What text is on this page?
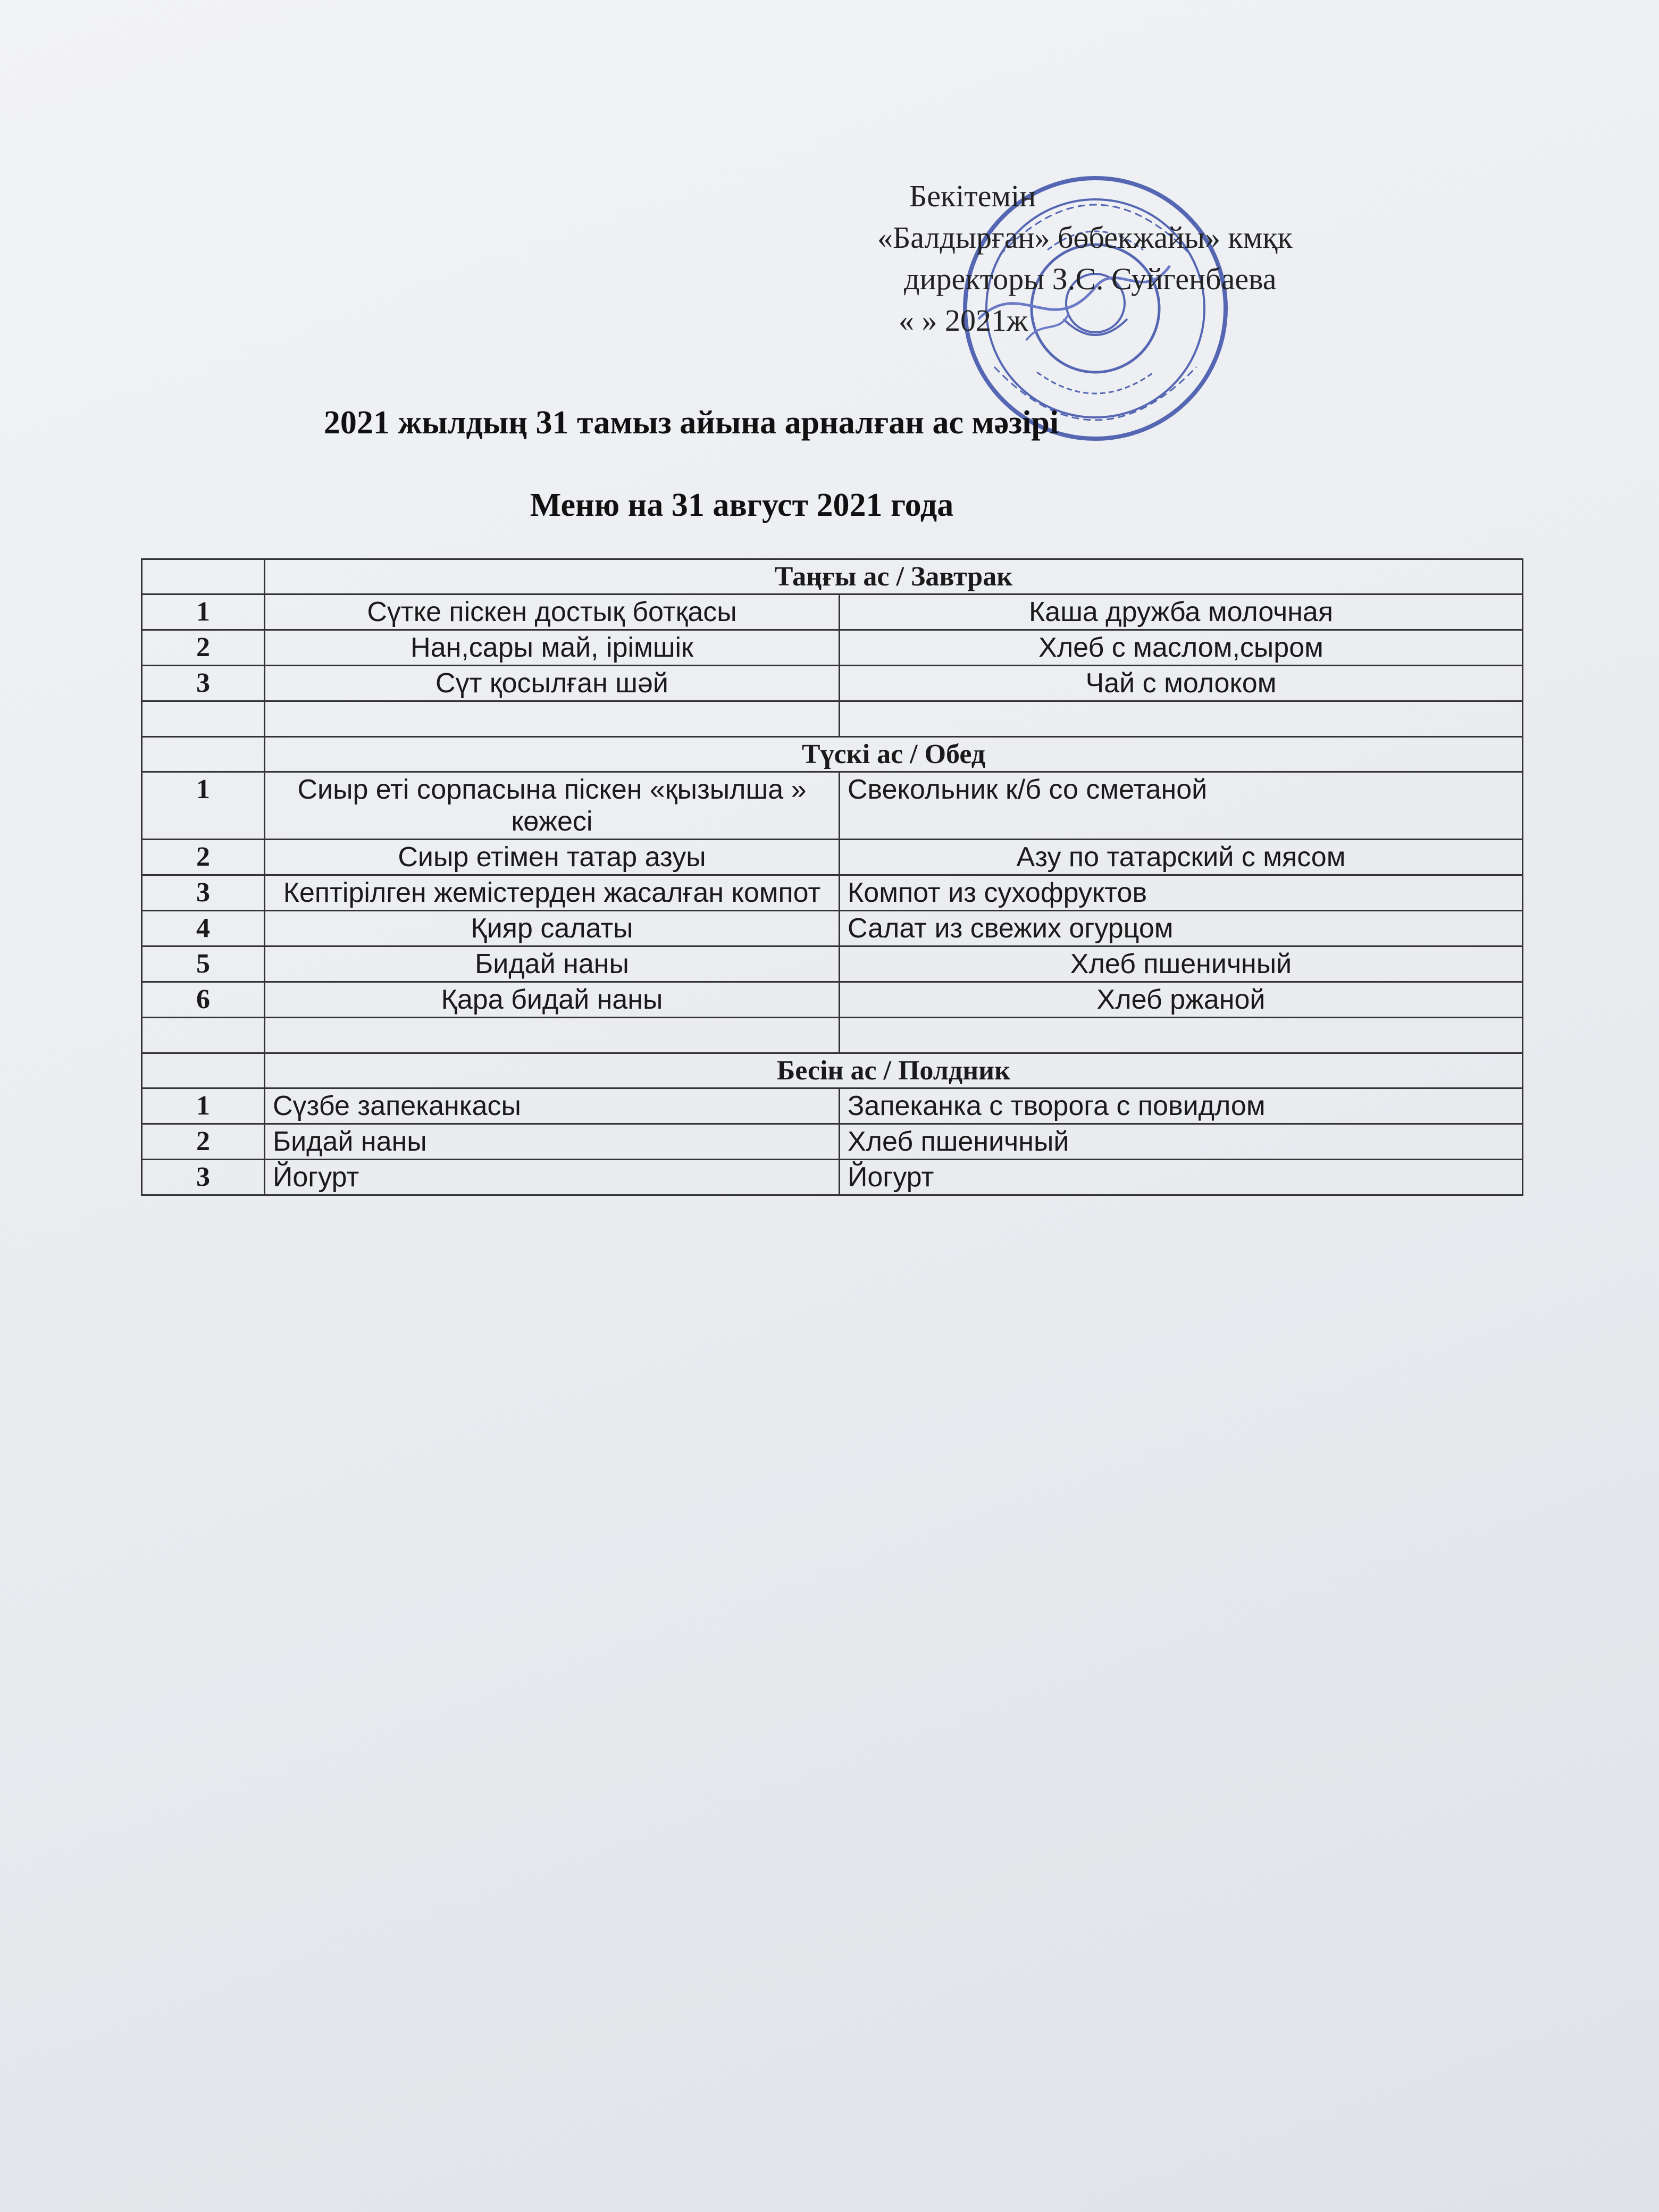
Бекітемін
«Балдырған» бөбекжайы» кмқк
директоры З.С. Суйгенбаева
« » 2021ж
2021 жылдың 31 тамыз айына арналған ас мәзірі
Меню на 31 август 2021 года
	Таңғы ас / Завтрак	
1	Сүтке піскен достық ботқасы	Каша дружба молочная
2	Нан,сары май, ірімшік	Хлеб с маслом,сыром
3	Сүт қосылған шәй	Чай с молоком

	Түскі ас / Обед	
1	Сиыр еті сорпасына піскен «қызылша » көжесі	Свекольник к/б со сметаной
2	Сиыр етімен татар азуы	Азу по татарский с мясом
3	Кептірілген жемістерден жасалған компот	Компот из сухофруктов
4	Қияр салаты	Салат из свежих огурцом
5	Бидай наны	Хлеб пшеничный
6	Қара бидай наны	Хлеб ржаной

	Бесін ас / Полдник	
1	Сүзбе запеканкасы	Запеканка с творога с повидлом
2	Бидай наны	Хлеб пшеничный
3	Йогурт	Йогурт
